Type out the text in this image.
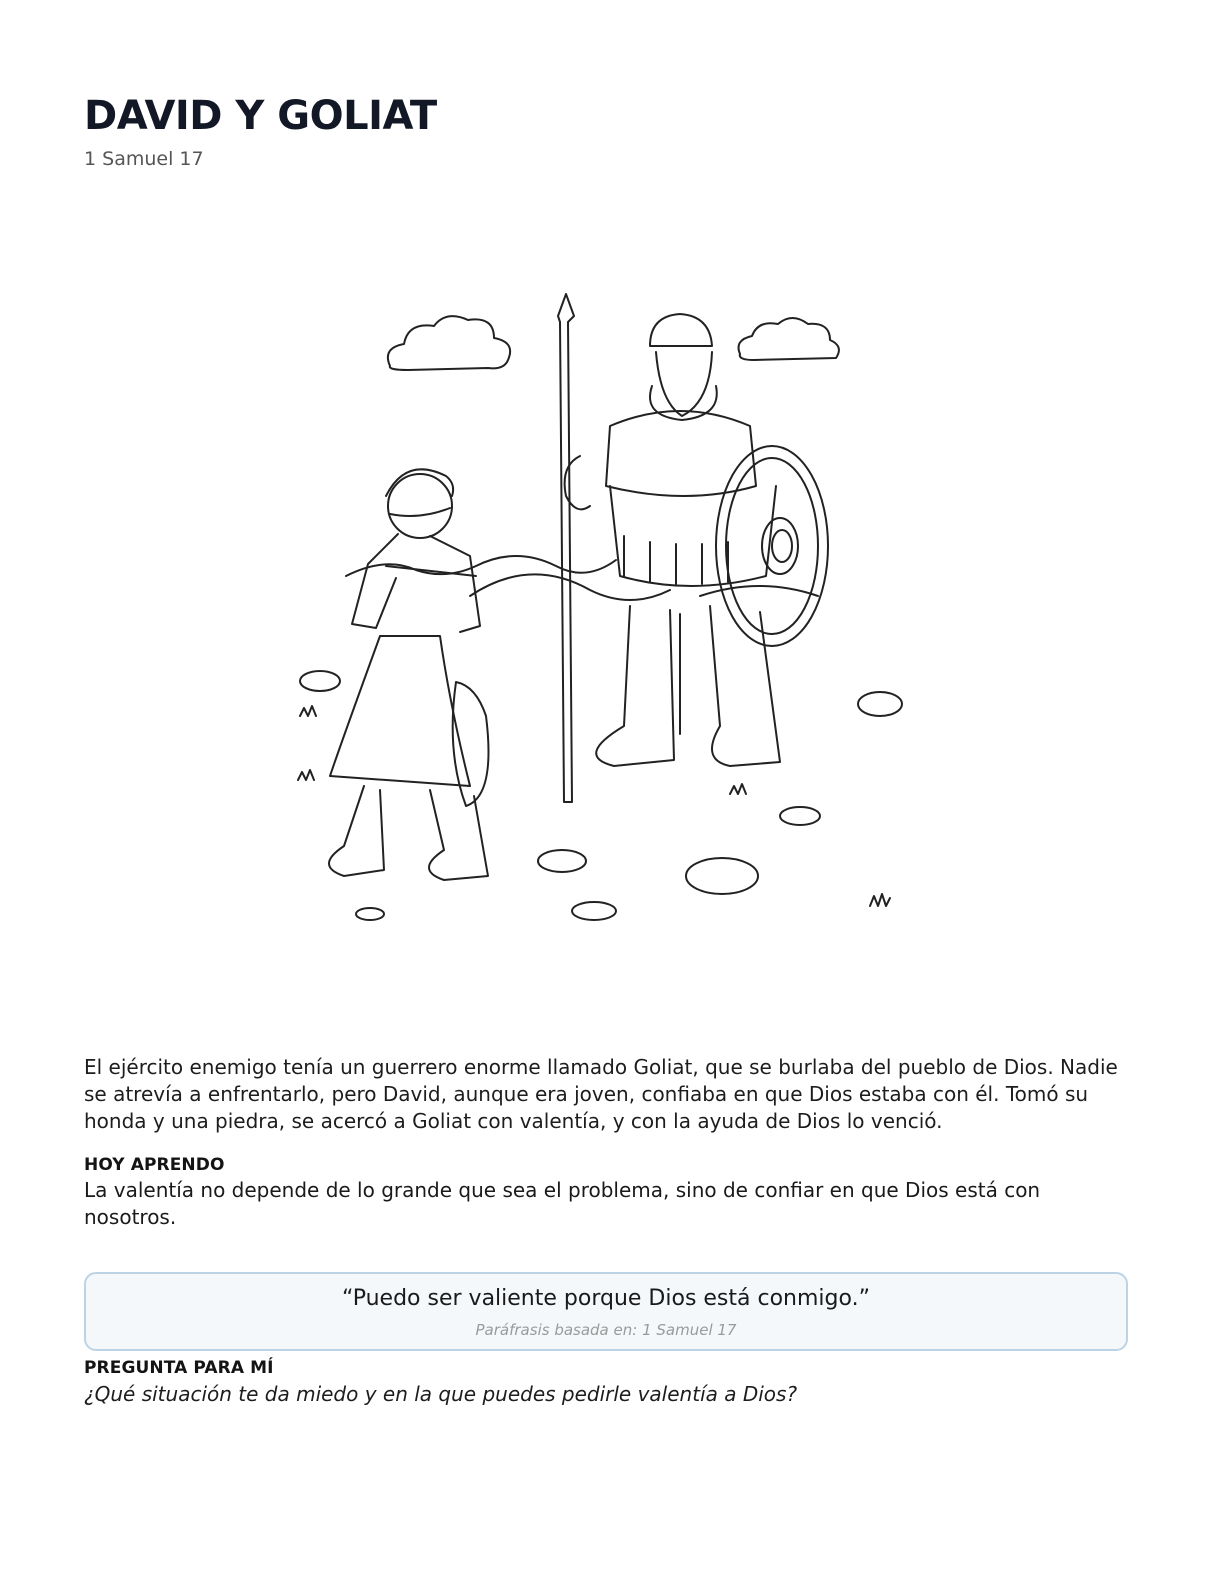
DAVID Y GOLIAT
1 Samuel 17

El ejército enemigo tenía un guerrero enorme llamado Goliat, que se burlaba del pueblo de Dios. Nadie se atrevía a enfrentarlo, pero David, aunque era joven, confiaba en que Dios estaba con él. Tomó su honda y una piedra, se acercó a Goliat con valentía, y con la ayuda de Dios lo venció.

HOY APRENDO

La valentía no depende de lo grande que sea el problema, sino de confiar en que Dios está con nosotros.

“Puedo ser valiente porque Dios está conmigo.”
Paráfrasis basada en: 1 Samuel 17
PREGUNTA PARA MÍ

¿Qué situación te da miedo y en la que puedes pedirle valentía a Dios?
